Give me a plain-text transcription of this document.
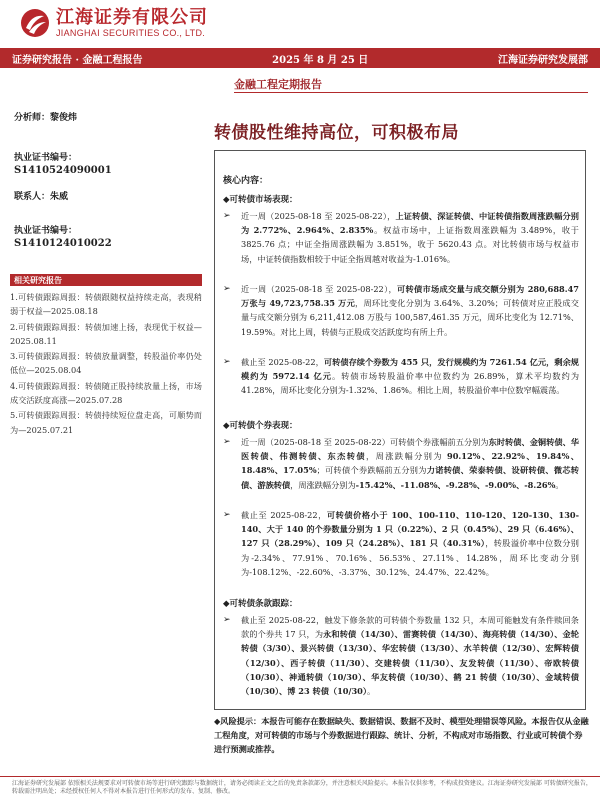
江海证券有限公司
JIANGHAI SECURITIES CO., LTD.
证券研究报告 · 金融工程报告	2025 年 8 月 25 日	江海证券研究发展部
金融工程定期报告
分析师：黎俊炜
执业证书编号：
S1410524090001
联系人：朱威
执业证书编号：
S1410124010022
相关研究报告

1.可转债跟踪周报：转债跟随权益持续走高，表现稍弱于权益—2025.08.18

2.可转债跟踪周报：转债加速上扬，表现优于权益—2025.08.11

3.可转债跟踪周报：转债放量调整，转股溢价率仍处低位—2025.08.04

4.可转债跟踪周报：转债随正股持续放量上扬，市场成交活跃度高涨—2025.07.28

5.可转债跟踪周报：转债持续短位盘走高，可顺势而为—2025.07.21

转债股性维持高位，可积极布局
核心内容：
◆可转债市场表现：
➢ 近一周（2025-08-18 至 2025-08-22），上证转债、深证转债、中证转债指数周涨跌幅分别为 2.772%、2.964%、2.835%。权益市场中，上证指数周涨跌幅为 3.489%，收于 3825.76 点；中证全指周涨跌幅为 3.851%，收于 5620.43 点。对比转债市场与权益市场，中证转债指数相较于中证全指周越对收益为-1.016%。
➢ 近一周（2025-08-18 至 2025-08-22），可转债市场成交量与成交额分别为 280,688.47 万张与 49,723,758.35 万元，周环比变化分别为 3.64%、3.20%；可转债对应正股成交量与成交额分别为 6,211,412.08 万股与 100,587,461.35 万元，周环比变化为 12.71%、19.59%。对比上周，转债与正股成交活跃度均有所上升。
➢ 截止至 2025-08-22，可转债存续个券数为 455 只，发行规模约为 7261.54 亿元，剩余规模约为 5972.14 亿元。转债市场转股溢价率中位数约为 26.89%，算术平均数约为 41.28%，周环比变化分别为-1.32%、1.86%。相比上周，转股溢价率中位数窄幅震荡。
◆可转债个券表现：
➢ 近一周（2025-08-18 至 2025-08-22）可转债个券涨幅前五分别为东时转债、金铜转债、华医转债、伟测转债、东杰转债，周涨跌幅分别为 90.12%、22.92%、19.84%、18.48%、17.05%；可转债个券跌幅前五分别为力诺转债、荣泰转债、设研转债、微芯转债、游族转债，周涨跌幅分别为-15.42%、-11.08%、-9.28%、-9.00%、-8.26%。
➢ 截止至 2025-08-22，可转债价格小于 100、100-110、110-120、120-130、130-140、大于 140 的个券数量分别为 1 只（0.22%）、2 只（0.45%）、29 只（6.46%）、127 只（28.29%）、109 只（24.28%）、181 只（40.31%），转股溢价率中位数分别为-2.34%、77.91%、70.16%、56.53%、27.11%、14.28%，周环比变动分别为-108.12%、-22.60%、-3.37%、30.12%、24.47%、22.42%。
◆可转债条款跟踪：
➢ 截止至 2025-08-22，触发下修条款的可转债个券数量 132 只，本周可能触发有条件赎回条款的个券共 17 只，为永和转债（14/30）、雷赛转债（14/30）、海亮转债（14/30）、金轮转债（3/30）、景兴转债（13/30）、华宏转债（13/30）、水羊转债（12/30）、宏辉转债（12/30）、西子转债（11/30）、交建转债（11/30）、友发转债（11/30）、帝欧转债（10/30）、神通转债（10/30）、华友转债（10/30）、鹤 21 转债（10/30）、金域转债（10/30）、博 23 转债（10/30）。
◆风险提示：本报告可能存在数据缺失、数据错误、数据不及时、模型处理错误等风险。本报告仅从金融工程角度，对可转债的市场与个券数据进行跟踪、统计、分析，不构成对市场指数、行业或可转债个券进行预测或推荐。
江海证券研究发展部 依照相关法规要求对可转债市场等进行研究跟踪与数据统计，请务必阅读正文之后的免责条款部分，并注意相关风险提示。本报告仅供参考，不构成投资建议。江海证券研究发展部 可转债研究报告，转载需注明出处；未经授权任何人不得对本报告进行任何形式的发布、复制、修改。
